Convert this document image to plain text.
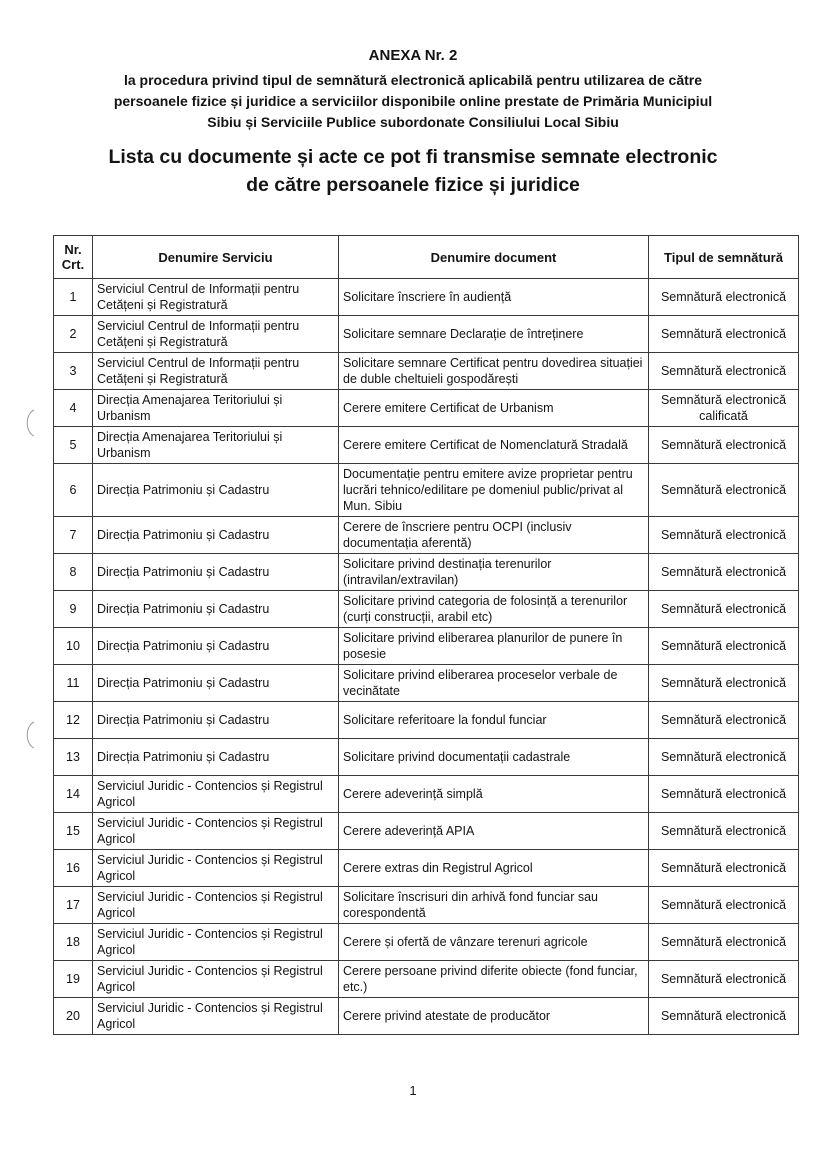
ANEXA Nr. 2
la procedura privind tipul de semnătură electronică aplicabilă pentru utilizarea de către
persoanele fizice și juridice a serviciilor disponibile online prestate de Primăria Municipiul
Sibiu și Serviciile Publice subordonate Consiliului Local Sibiu
Lista cu documente și acte ce pot fi transmise semnate electronic
de către persoanele fizice și juridice
Nr. Crt.	Denumire Serviciu	Denumire document	Tipul de semnătură
1	Serviciul Centrul de Informații pentru Cetățeni și Registratură	Solicitare înscriere în audiență	Semnătură electronică
2	Serviciul Centrul de Informații pentru Cetățeni și Registratură	Solicitare semnare Declarație de întreținere	Semnătură electronică
3	Serviciul Centrul de Informații pentru Cetățeni și Registratură	Solicitare semnare Certificat pentru dovedirea situației de duble cheltuieli gospodărești	Semnătură electronică
4	Direcția Amenajarea Teritoriului și Urbanism	Cerere emitere Certificat de Urbanism	Semnătură electronică calificată
5	Direcția Amenajarea Teritoriului și Urbanism	Cerere emitere Certificat de Nomenclatură Stradală	Semnătură electronică
6	Direcția Patrimoniu și Cadastru	Documentație pentru emitere avize proprietar pentru lucrări tehnico/edilitare pe domeniul public/privat al Mun. Sibiu	Semnătură electronică
7	Direcția Patrimoniu și Cadastru	Cerere de înscriere pentru OCPI (inclusiv documentația aferentă)	Semnătură electronică
8	Direcția Patrimoniu și Cadastru	Solicitare privind destinația terenurilor (intravilan/extravilan)	Semnătură electronică
9	Direcția Patrimoniu și Cadastru	Solicitare privind categoria de folosință a terenurilor (curți construcții, arabil etc)	Semnătură electronică
10	Direcția Patrimoniu și Cadastru	Solicitare privind eliberarea planurilor de punere în posesie	Semnătură electronică
11	Direcția Patrimoniu și Cadastru	Solicitare privind eliberarea proceselor verbale de vecinătate	Semnătură electronică
12	Direcția Patrimoniu și Cadastru	Solicitare referitoare la fondul funciar	Semnătură electronică
13	Direcția Patrimoniu și Cadastru	Solicitare privind documentații cadastrale	Semnătură electronică
14	Serviciul Juridic - Contencios și Registrul Agricol	Cerere adeverință simplă	Semnătură electronică
15	Serviciul Juridic - Contencios și Registrul Agricol	Cerere adeverință APIA	Semnătură electronică
16	Serviciul Juridic - Contencios și Registrul Agricol	Cerere extras din Registrul Agricol	Semnătură electronică
17	Serviciul Juridic - Contencios și Registrul Agricol	Solicitare înscrisuri din arhivă fond funciar sau corespondentă	Semnătură electronică
18	Serviciul Juridic - Contencios și Registrul Agricol	Cerere și ofertă de vânzare terenuri agricole	Semnătură electronică
19	Serviciul Juridic - Contencios și Registrul Agricol	Cerere persoane privind diferite obiecte (fond funciar, etc.)	Semnătură electronică
20	Serviciul Juridic - Contencios și Registrul Agricol	Cerere privind atestate de producător	Semnătură electronică
1
